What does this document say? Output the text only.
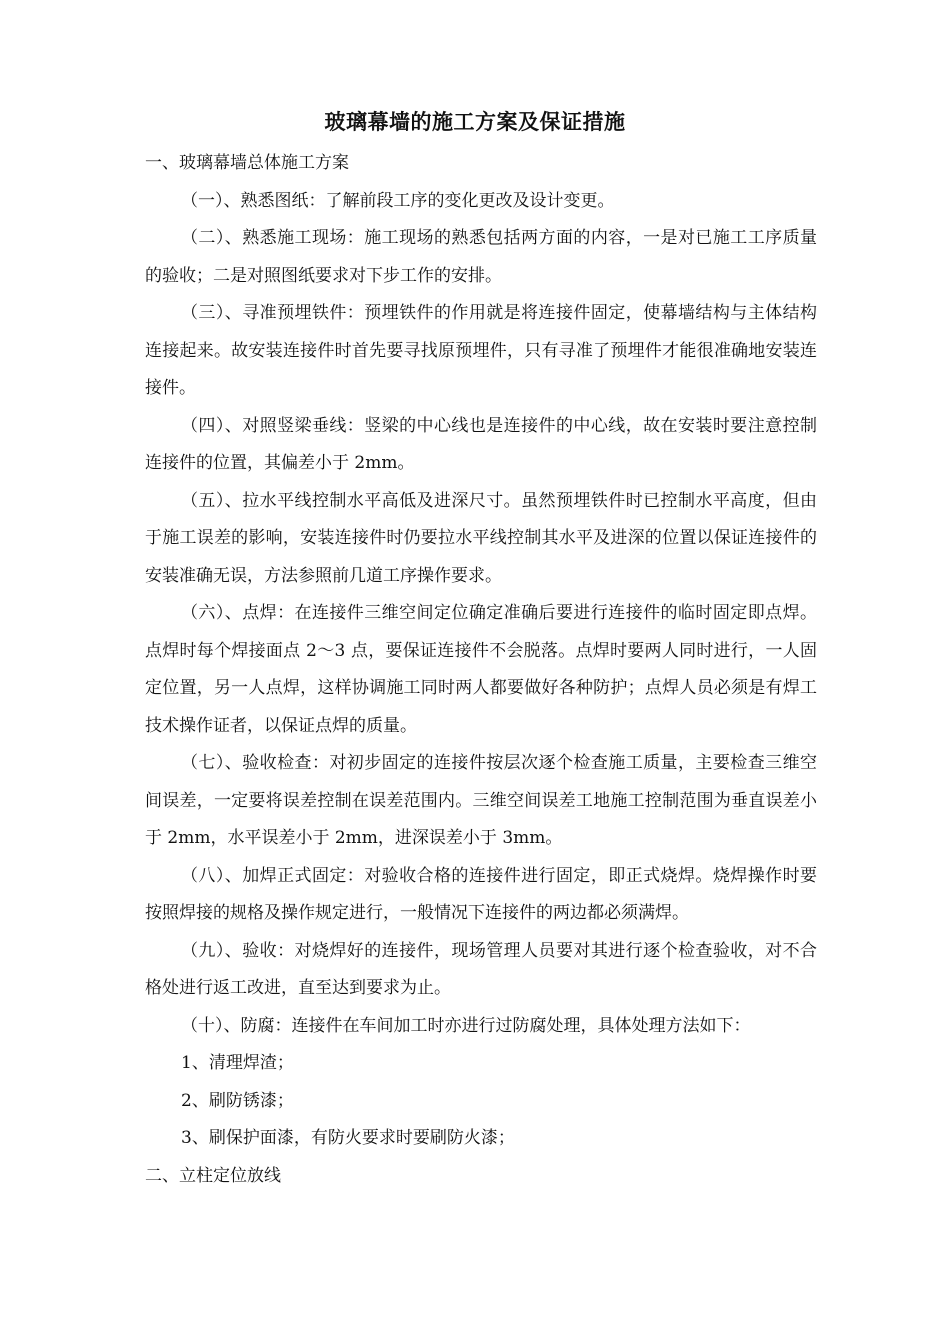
玻璃幕墙的施工方案及保证措施

一、玻璃幕墙总体施工方案

（一）、熟悉图纸：了解前段工序的变化更改及设计变更。

（二）、熟悉施工现场：施工现场的熟悉包括两方面的内容，一是对已施工工序质量的验收；二是对照图纸要求对下步工作的安排。

（三）、寻准预埋铁件：预埋铁件的作用就是将连接件固定，使幕墙结构与主体结构连接起来。故安装连接件时首先要寻找原预埋件，只有寻准了预埋件才能很准确地安装连接件。

（四）、对照竖梁垂线：竖梁的中心线也是连接件的中心线，故在安装时要注意控制连接件的位置，其偏差小于 2mm。

（五）、拉水平线控制水平高低及进深尺寸。虽然预埋铁件时已控制水平高度，但由于施工误差的影响，安装连接件时仍要拉水平线控制其水平及进深的位置以保证连接件的安装准确无误，方法参照前几道工序操作要求。

（六）、点焊：在连接件三维空间定位确定准确后要进行连接件的临时固定即点焊。点焊时每个焊接面点 2～3 点，要保证连接件不会脱落。点焊时要两人同时进行，一人固定位置，另一人点焊，这样协调施工同时两人都要做好各种防护；点焊人员必须是有焊工技术操作证者，以保证点焊的质量。

（七）、验收检查：对初步固定的连接件按层次逐个检查施工质量，主要检查三维空间误差，一定要将误差控制在误差范围内。三维空间误差工地施工控制范围为垂直误差小于 2mm，水平误差小于 2mm，进深误差小于 3mm。

（八）、加焊正式固定：对验收合格的连接件进行固定，即正式烧焊。烧焊操作时要按照焊接的规格及操作规定进行，一般情况下连接件的两边都必须满焊。

（九）、验收：对烧焊好的连接件，现场管理人员要对其进行逐个检查验收，对不合格处进行返工改进，直至达到要求为止。

（十）、防腐：连接件在车间加工时亦进行过防腐处理，具体处理方法如下：

1、清理焊渣；

2、刷防锈漆；

3、刷保护面漆，有防火要求时要刷防火漆；

二、立柱定位放线
